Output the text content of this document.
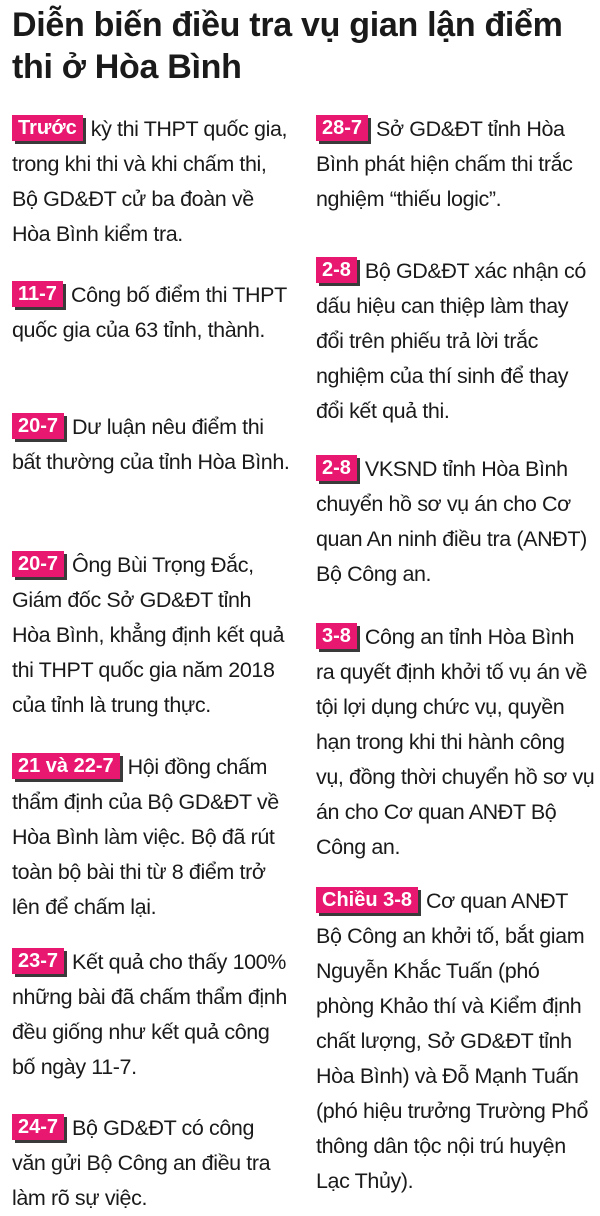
Diễn biến điều tra vụ gian lận điểm thi ở Hòa Bình
Trước kỳ thi THPT quốc gia, trong khi thi và khi chấm thi, Bộ GD&ĐT cử ba đoàn về Hòa Bình kiểm tra.
11-7 Công bố điểm thi THPT quốc gia của 63 tỉnh, thành.
20-7 Dư luận nêu điểm thi bất thường của tỉnh Hòa Bình.
20-7 Ông Bùi Trọng Đắc, Giám đốc Sở GD&ĐT tỉnh Hòa Bình, khẳng định kết quả thi THPT quốc gia năm 2018 của tỉnh là trung thực.
21 và 22-7 Hội đồng chấm thẩm định của Bộ GD&ĐT về Hòa Bình làm việc. Bộ đã rút toàn bộ bài thi từ 8 điểm trở lên để chấm lại.
23-7 Kết quả cho thấy 100% những bài đã chấm thẩm định đều giống như kết quả công bố ngày 11-7.
24-7 Bộ GD&ĐT có công văn gửi Bộ Công an điều tra làm rõ sự việc.
28-7 Sở GD&ĐT tỉnh Hòa Bình phát hiện chấm thi trắc nghiệm “thiếu logic”.
2-8 Bộ GD&ĐT xác nhận có dấu hiệu can thiệp làm thay đổi trên phiếu trả lời trắc nghiệm của thí sinh để thay đổi kết quả thi.
2-8 VKSND tỉnh Hòa Bình chuyển hồ sơ vụ án cho Cơ quan An ninh điều tra (ANĐT) Bộ Công an.
3-8 Công an tỉnh Hòa Bình ra quyết định khởi tố vụ án về tội lợi dụng chức vụ, quyền hạn trong khi thi hành công vụ, đồng thời chuyển hồ sơ vụ án cho Cơ quan ANĐT Bộ Công an.
Chiều 3-8 Cơ quan ANĐT Bộ Công an khởi tố, bắt giam Nguyễn Khắc Tuấn (phó phòng Khảo thí và Kiểm định chất lượng, Sở GD&ĐT tỉnh Hòa Bình) và Đỗ Mạnh Tuấn (phó hiệu trưởng Trường Phổ thông dân tộc nội trú huyện Lạc Thủy).
